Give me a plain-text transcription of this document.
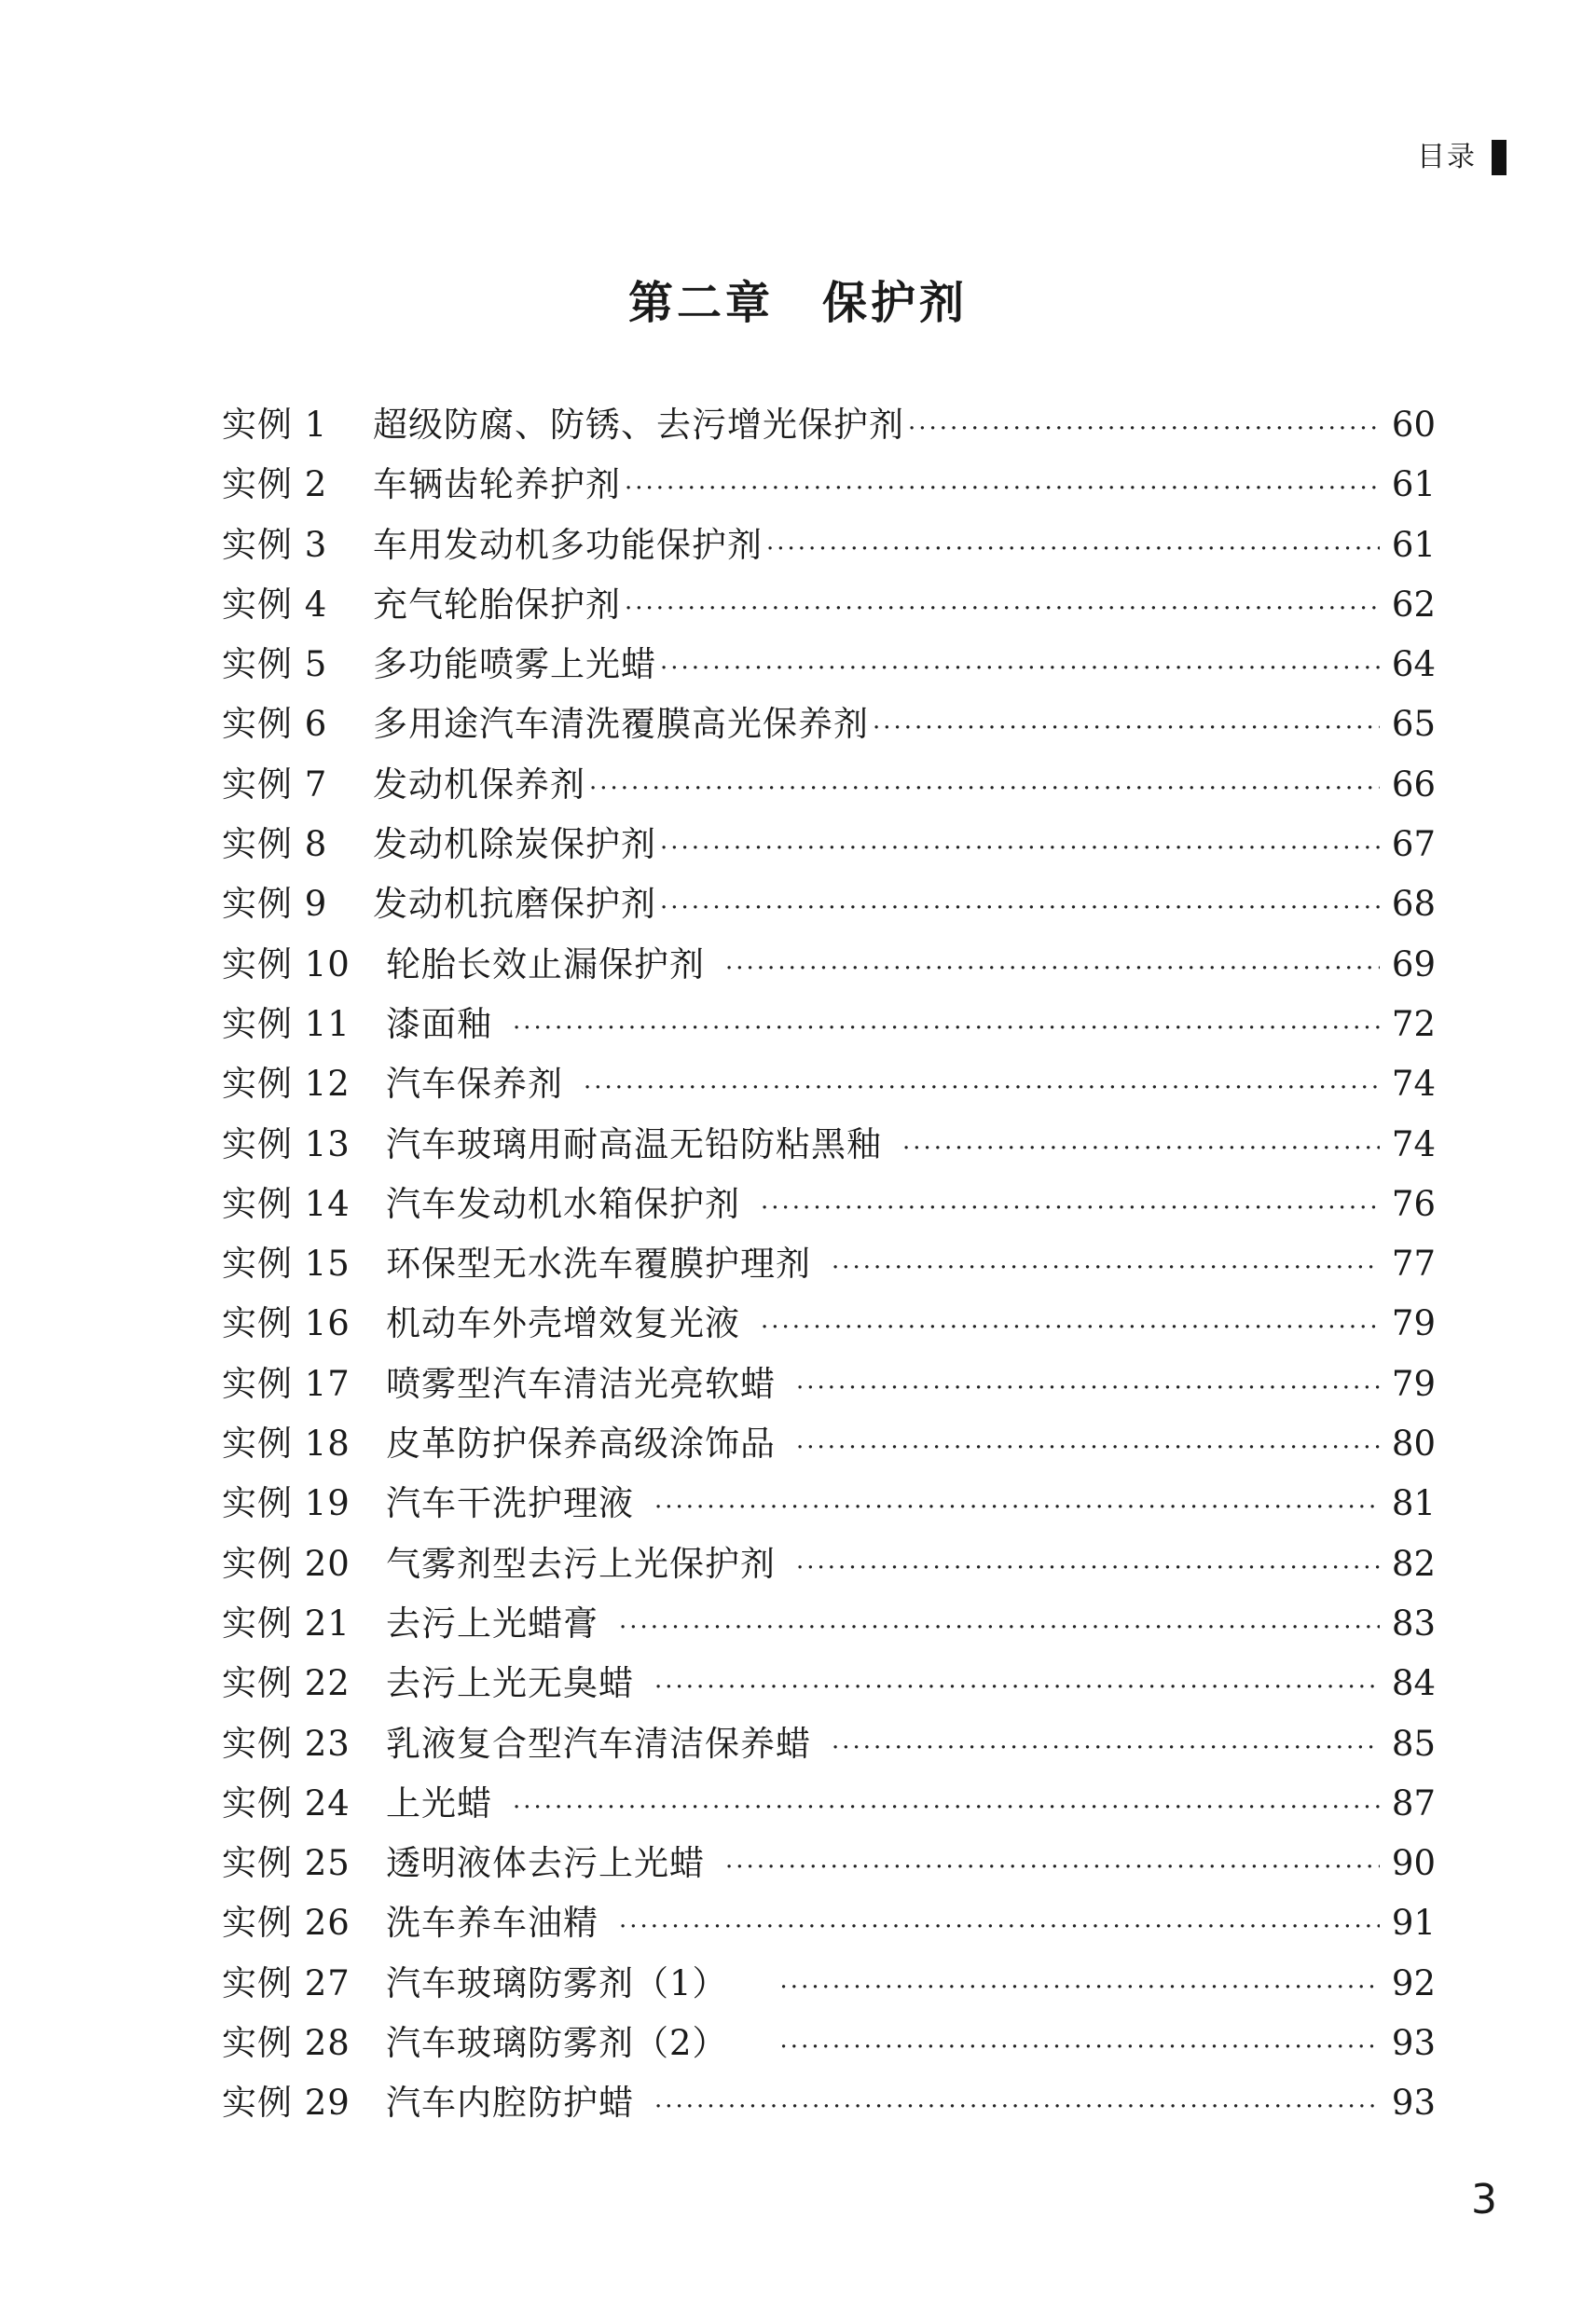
目录
第二章　保护剂
实例 1	超级防腐、防锈、去污增光保护剂 ·····	60
实例 2	车辆齿轮养护剂 ·····	61
实例 3	车用发动机多功能保护剂 ·····	61
实例 4	充气轮胎保护剂 ·····	62
实例 5	多功能喷雾上光蜡 ·····	64
实例 6	多用途汽车清洗覆膜高光保养剂 ·····	65
实例 7	发动机保养剂 ·····	66
实例 8	发动机除炭保护剂 ·····	67
实例 9	发动机抗磨保护剂 ·····	68
实例 10	轮胎长效止漏保护剂 ·····	69
实例 11	漆面釉 ·····	72
实例 12	汽车保养剂 ·····	74
实例 13	汽车玻璃用耐高温无铅防粘黑釉 ·····	74
实例 14	汽车发动机水箱保护剂 ·····	76
实例 15	环保型无水洗车覆膜护理剂 ·····	77
实例 16	机动车外壳增效复光液 ·····	79
实例 17	喷雾型汽车清洁光亮软蜡 ·····	79
实例 18	皮革防护保养高级涂饰品 ·····	80
实例 19	汽车干洗护理液 ·····	81
实例 20	气雾剂型去污上光保护剂 ·····	82
实例 21	去污上光蜡膏 ·····	83
实例 22	去污上光无臭蜡 ·····	84
实例 23	乳液复合型汽车清洁保养蜡 ·····	85
实例 24	上光蜡 ·····	87
实例 25	透明液体去污上光蜡 ·····	90
实例 26	洗车养车油精 ·····	91
实例 27	汽车玻璃防雾剂（1） ·····	92
实例 28	汽车玻璃防雾剂（2） ·····	93
实例 29	汽车内腔防护蜡 ·····	93
3
